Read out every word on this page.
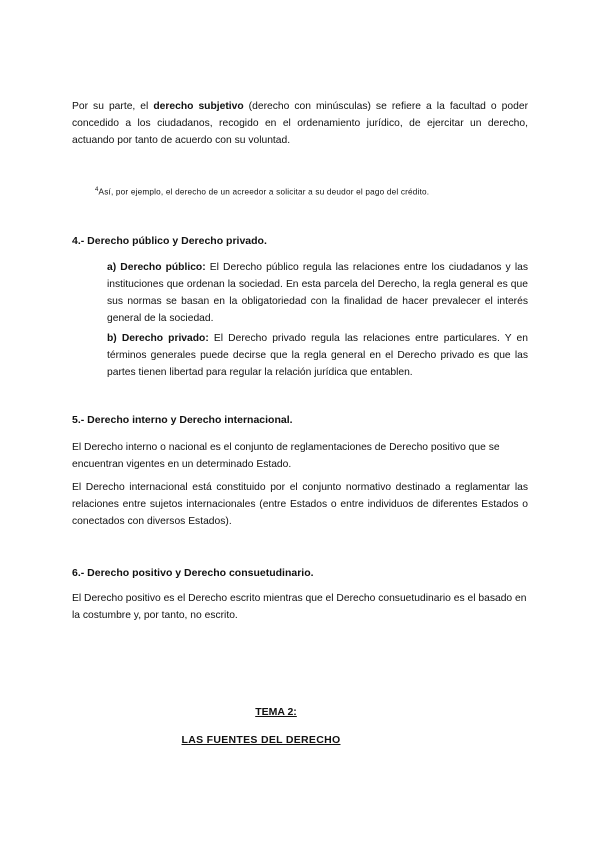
Por su parte, el derecho subjetivo (derecho con minúsculas) se refiere a la facultad o poder concedido a los ciudadanos, recogido en el ordenamiento jurídico, de ejercitar un derecho, actuando por tanto de acuerdo con su voluntad.

$^4$Así, por ejemplo, el derecho de un acreedor a solicitar a su deudor el pago del crédito.

4.- Derecho público y Derecho privado.

a) Derecho público: El Derecho público regula las relaciones entre los ciudadanos y las instituciones que ordenan la sociedad. En esta parcela del Derecho, la regla general es que sus normas se basan en la obligatoriedad con la finalidad de hacer prevalecer el interés general de la sociedad.

b) Derecho privado: El Derecho privado regula las relaciones entre particulares. Y en términos generales puede decirse que la regla general en el Derecho privado es que las partes tienen libertad para regular la relación jurídica que entablen.

5.- Derecho interno y Derecho internacional.

El Derecho interno o nacional es el conjunto de reglamentaciones de Derecho positivo que se encuentran vigentes en un determinado Estado.

El Derecho internacional está constituido por el conjunto normativo destinado a reglamentar las relaciones entre sujetos internacionales (entre Estados o entre individuos de diferentes Estados o conectados con diversos Estados).

6.- Derecho positivo y Derecho consuetudinario.

El Derecho positivo es el Derecho escrito mientras que el Derecho consuetudinario es el basado en la costumbre y, por tanto, no escrito.

TEMA 2:

LAS FUENTES DEL DERECHO
